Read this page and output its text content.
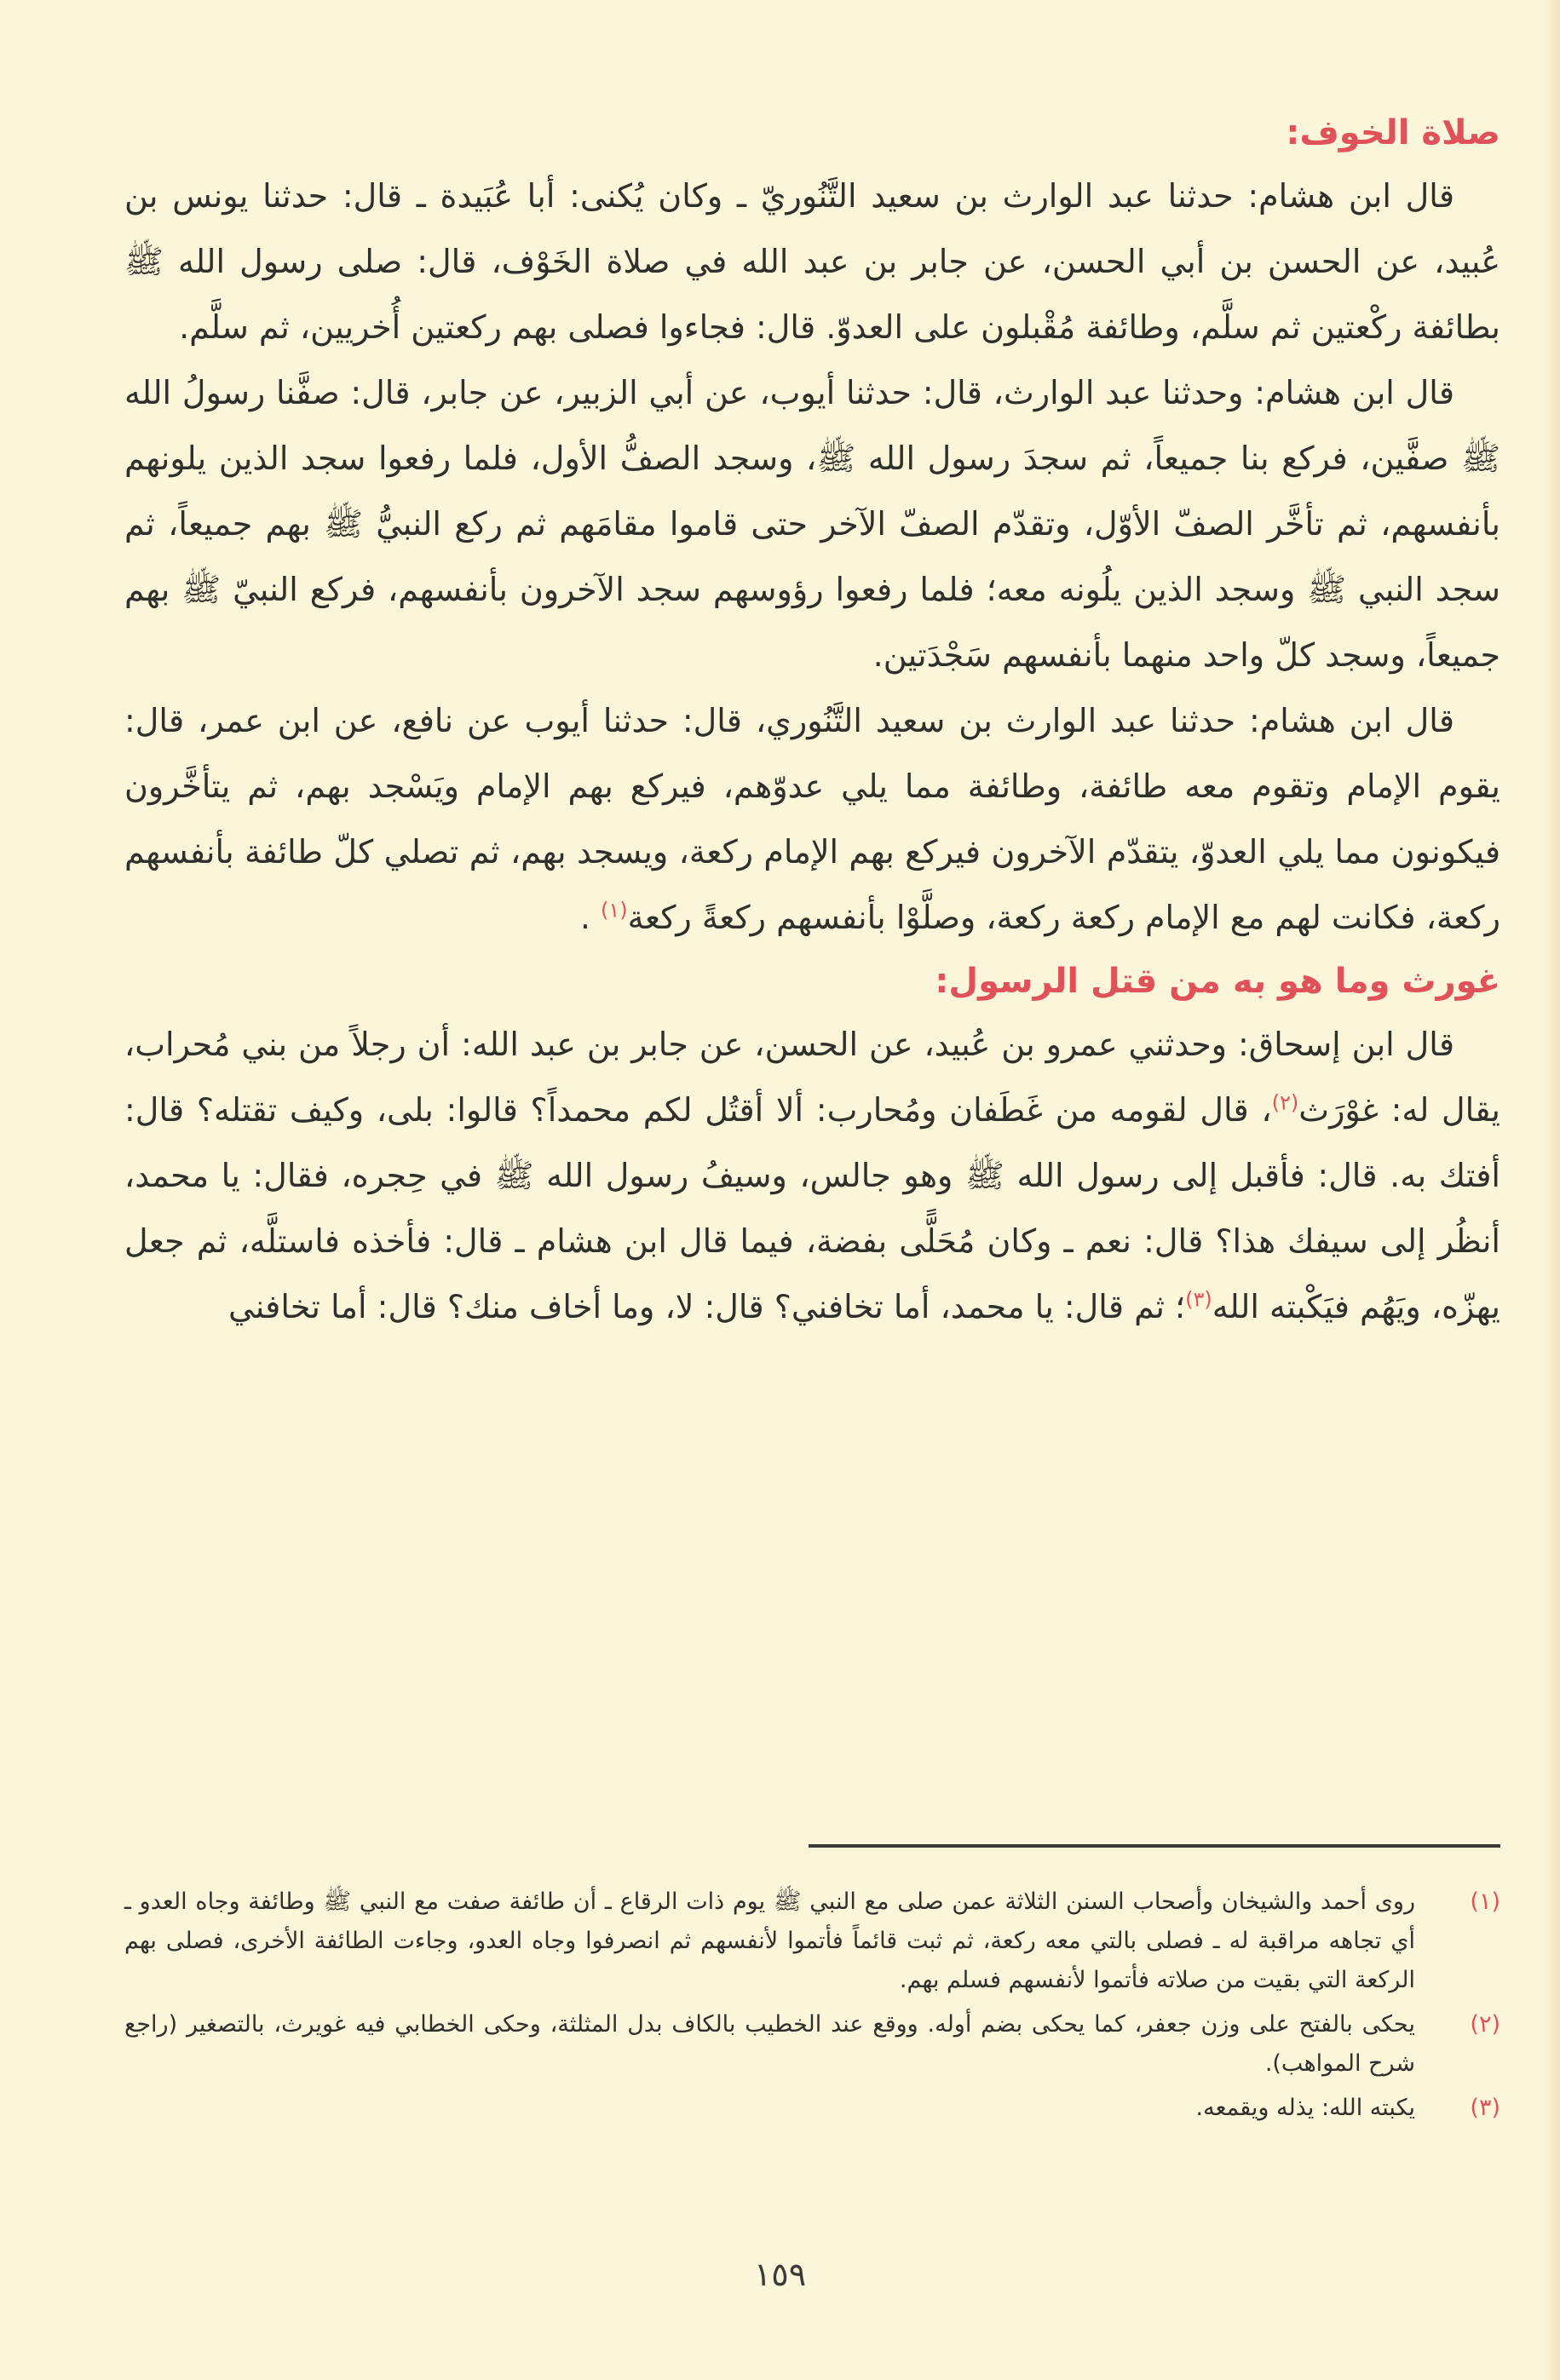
صلاة الخوف:

قال ابن هشام: حدثنا عبد الوارث بن سعيد التَّنُوريّ ـ وكان يُكنى: أبا عُبَيدة ـ قال: حدثنا يونس بن عُبيد، عن الحسن بن أبي الحسن، عن جابر بن عبد الله في صلاة الخَوْف، قال: صلى رسول الله ﷺ بطائفة ركْعتين ثم سلَّم، وطائفة مُقْبلون على العدوّ. قال: فجاءوا فصلى بهم ركعتين أُخريين، ثم سلَّم.

قال ابن هشام: وحدثنا عبد الوارث، قال: حدثنا أيوب، عن أبي الزبير، عن جابر، قال: صفَّنا رسولُ الله ﷺ صفَّين، فركع بنا جميعاً، ثم سجدَ رسول الله ﷺ، وسجد الصفُّ الأول، فلما رفعوا سجد الذين يلونهم بأنفسهم، ثم تأخَّر الصفّ الأوّل، وتقدّم الصفّ الآخر حتى قاموا مقامَهم ثم ركع النبيُّ ﷺ بهم جميعاً، ثم سجد النبي ﷺ وسجد الذين يلُونه معه؛ فلما رفعوا رؤوسهم سجد الآخرون بأنفسهم، فركع النبيّ ﷺ بهم جميعاً، وسجد كلّ واحد منهما بأنفسهم سَجْدَتين.

قال ابن هشام: حدثنا عبد الوارث بن سعيد التَّنُوري، قال: حدثنا أيوب عن نافع، عن ابن عمر، قال: يقوم الإمام وتقوم معه طائفة، وطائفة مما يلي عدوّهم، فيركع بهم الإمام ويَسْجد بهم، ثم يتأخَّرون فيكونون مما يلي العدوّ، يتقدّم الآخرون فيركع بهم الإمام ركعة، ويسجد بهم، ثم تصلي كلّ طائفة بأنفسهم ركعة، فكانت لهم مع الإمام ركعة ركعة، وصلَّوْا بأنفسهم ركعةً ركعة$^{(١)}$ .

غورث وما هو به من قتل الرسول:

قال ابن إسحاق: وحدثني عمرو بن عُبيد، عن الحسن، عن جابر بن عبد الله: أن رجلاً من بني مُحراب، يقال له: غوْرَث$^{(٢)}$، قال لقومه من غَطَفان ومُحارب: ألا أقتُل لكم محمداً؟ قالوا: بلى، وكيف تقتله؟ قال: أفتك به. قال: فأقبل إلى رسول الله ﷺ وهو جالس، وسيفُ رسول الله ﷺ في حِجره، فقال: يا محمد، أنظُر إلى سيفك هذا؟ قال: نعم ـ وكان مُحَلًّى بفضة، فيما قال ابن هشام ـ قال: فأخذه فاستلَّه، ثم جعل يهزّه، ويَهُم فيَكْبته الله$^{(٣)}$؛ ثم قال: يا محمد، أما تخافني؟ قال: لا، وما أخاف منك؟ قال: أما تخافني

(١)
روى أحمد والشيخان وأصحاب السنن الثلاثة عمن صلى مع النبي ﷺ يوم ذات الرقاع ـ أن طائفة صفت مع النبي ﷺ وطائفة وجاه العدو ـ أي تجاهه مراقبة له ـ فصلى بالتي معه ركعة، ثم ثبت قائماً فأتموا لأنفسهم ثم انصرفوا وجاه العدو، وجاءت الطائفة الأخرى، فصلى بهم الركعة التي بقيت من صلاته فأتموا لأنفسهم فسلم بهم.
(٢)
يحكى بالفتح على وزن جعفر، كما يحكى بضم أوله. ووقع عند الخطيب بالكاف بدل المثلثة، وحكى الخطابي فيه غويرث، بالتصغير (راجع شرح المواهب).
(٣)
يكبته الله: يذله ويقمعه.
١٥٩
